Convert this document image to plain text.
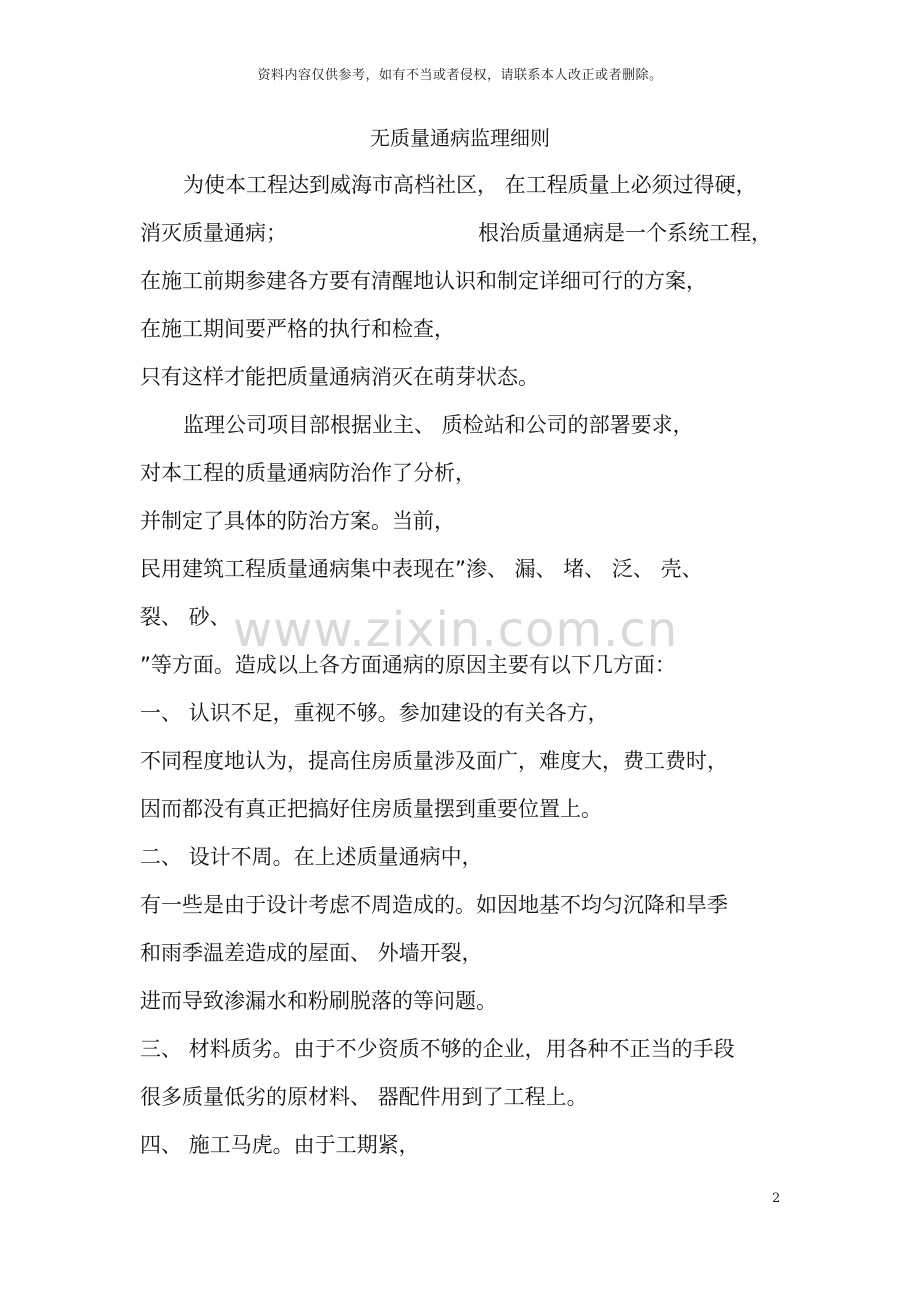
资料内容仅供参考，如有不当或者侵权，请联系本人改正或者删除。
无质量通病监理细则
www.zixin.com.cn
为使本工程达到威海市高档社区， 在工程质量上必须过得硬，
消灭质量通病；	根治质量通病是一个系统工程，
在施工前期参建各方要有清醒地认识和制定详细可行的方案，
在施工期间要严格的执行和检查，
只有这样才能把质量通病消灭在萌芽状态。
监理公司项目部根据业主、 质检站和公司的部署要求，
对本工程的质量通病防治作了分析，
并制定了具体的防治方案。当前，
民用建筑工程质量通病集中表现在”渗、 漏、 堵、 泛、 壳、
裂、 砂、
”等方面。造成以上各方面通病的原因主要有以下几方面：
一、 认识不足，重视不够。参加建设的有关各方，
不同程度地认为，提高住房质量涉及面广，难度大，费工费时，
因而都没有真正把搞好住房质量摆到重要位置上。
二、 设计不周。在上述质量通病中，
有一些是由于设计考虑不周造成的。如因地基不均匀沉降和旱季
和雨季温差造成的屋面、 外墙开裂，
进而导致渗漏水和粉刷脱落的等问题。
三、 材料质劣。由于不少资质不够的企业，用各种不正当的手段
很多质量低劣的原材料、 器配件用到了工程上。
四、 施工马虎。由于工期紧，
2
